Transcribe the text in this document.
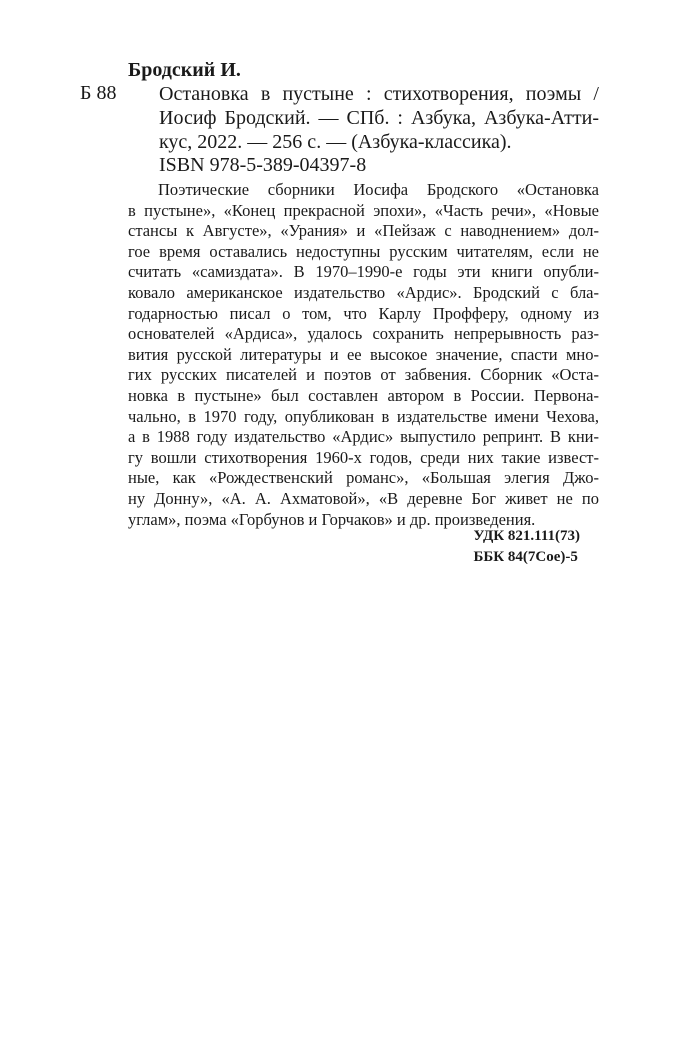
Бродский И.
Б 88 Остановка в пустыне : стихотворения, поэмы /
Иосиф Бродский. — СПб. : Азбука, Азбука-Атти-
кус, 2022. — 256 с. — (Азбука-классика).
ISBN 978-5-389-04397-8
Поэтические сборники Иосифа Бродского «Остановка
в пустыне», «Конец прекрасной эпохи», «Часть речи», «Новые
стансы к Августе», «Урания» и «Пейзаж с наводнением» дол-
гое время оставались недоступны русским читателям, если не
считать «самиздата». В 1970–1990-е годы эти книги опубли-
ковало американское издательство «Ардис». Бродский с бла-
годарностью писал о том, что Карлу Профферу, одному из
основателей «Ардиса», удалось сохранить непрерывность раз-
вития русской литературы и ее высокое значение, спасти мно-
гих русских писателей и поэтов от забвения. Сборник «Оста-
новка в пустыне» был составлен автором в России. Первона-
чально, в 1970 году, опубликован в издательстве имени Чехова,
а в 1988 году издательство «Ардис» выпустило репринт. В кни-
гу вошли стихотворения 1960-х годов, среди них такие извест-
ные, как «Рождественский романс», «Большая элегия Джо-
ну Донну», «А. А. Ахматовой», «В деревне Бог живет не по
углам», поэма «Горбунов и Горчаков» и др. произведения.
УДК 821.111(73)
ББК 84(7Сое)-5
